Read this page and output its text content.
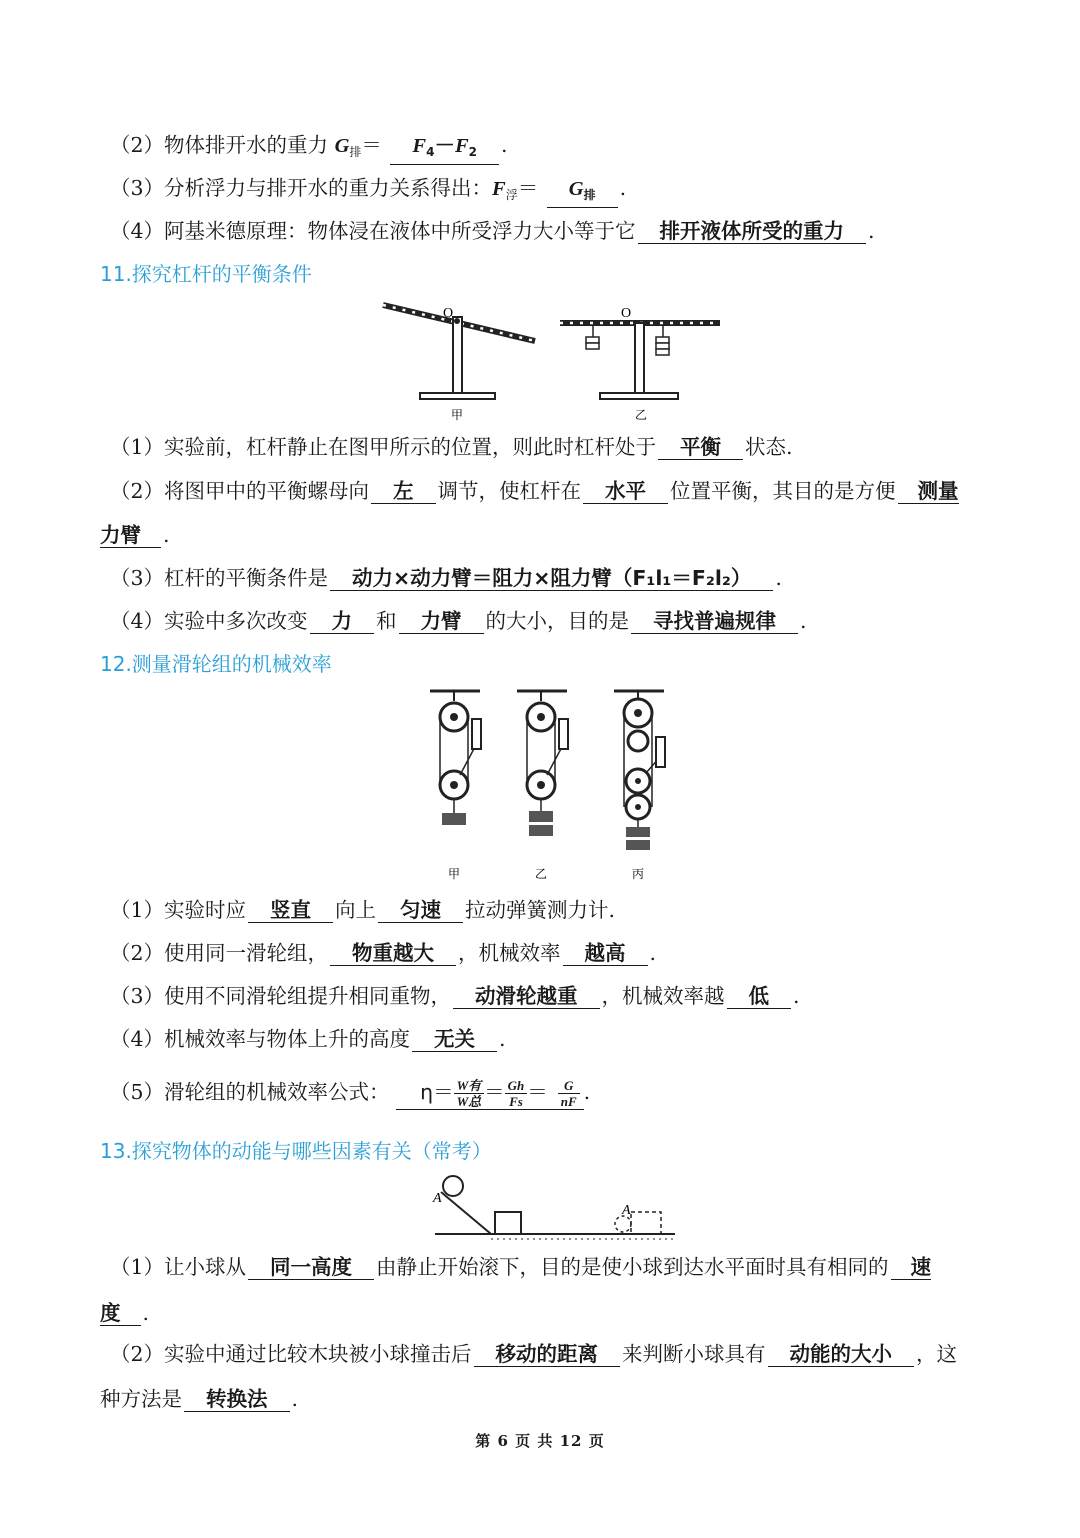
（2）物体排开水的重力 $G_排= F_4-F_2$ .
（3）分析浮力与排开水的重力关系得出：$F_浮= G_排$ .
（4）阿基米德原理：物体浸在液体中所受浮力大小等于它 排开液体所受的重力 .
11.探究杠杆的平衡条件
O
甲
O
乙
（1）实验前，杠杆静止在图甲所示的位置，则此时杠杆处于 平衡 状态.
（2）将图甲中的平衡螺母向 左 调节，使杠杆在 水平 位置平衡，其目的是方便 测量
力臂 .
（3）杠杆的平衡条件是 动力×动力臂＝阻力×阻力臂（F₁l₁＝F₂l₂） .
（4）实验中多次改变 力 和 力臂 的大小，目的是 寻找普遍规律 .
12.测量滑轮组的机械效率
甲	乙	丙
（1）实验时应 竖直 向上 匀速 拉动弹簧测力计.
（2）使用同一滑轮组， 物重越大 ，机械效率 越高 .
（3）使用不同滑轮组提升相同重物， 动滑轮越重 ，机械效率越 低 .
（4）机械效率与物体上升的高度 无关 .
（5）滑轮组的机械效率公式： $\eta= \frac{\text{W有}}{\text{W总}} = \frac{Gh}{Fs} = \frac{G}{nF}$ .
13.探究物体的动能与哪些因素有关（常考）
A
A
（1）让小球从 同一高度 由静止开始滚下，目的是使小球到达水平面时具有相同的 速
度 .
（2）实验中通过比较木块被小球撞击后 移动的距离 来判断小球具有 动能的大小 ，这
种方法是 转换法 .
第 6 页 共 12 页
